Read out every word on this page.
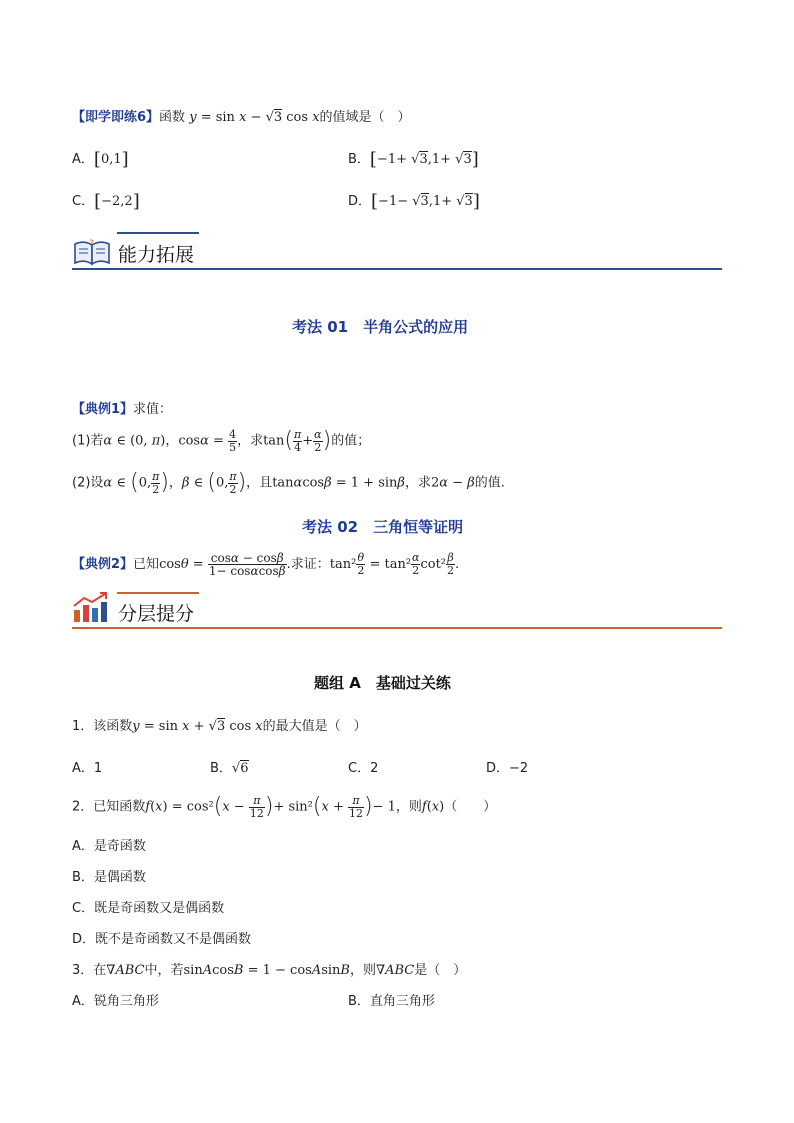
【即学即练6】函数 y = sin x − √3 cos x的值域是（　）
A．[0,1]	B．[−1+ √3,1+ √3]
C．[−2,2]	D．[−1− √3,1+ √3]
? 能力拓展
考法 01　半角公式的应用
【典例1】求值：
(1)若α ∈ (0, π)，$\cos\alpha = \frac{4}{5}$ ，求$\tan( \frac{\pi}{4} + \frac{\alpha}{2}$ )的值；
(2)设α ∈ (0, $\frac{\pi}{2}$ )，β ∈ (0, $\frac{\pi}{2}$ )，且tanαcosβ = 1 + sinβ，求2α − β的值.
考法 02　三角恒等证明
【典例2】已知$\cos\theta = \frac{\cos\alpha - \cos\beta}{1- \cos\alpha\cos\beta}$ .求证：$\tan^2 \frac{\theta}{2} = \tan^2 \frac{\alpha}{2} \cot^2 \frac{\beta}{2}$ .
分层提分
题组 A　基础过关练
1．该函数y = sin x + √3 cos x的最大值是（　）
A．1	B．√6	C．2	D．−2
2．已知函数$f(x) = \cos^2(x - \frac{\pi}{12}$ )+ $\sin^2(x + \frac{\pi}{12}$ )− 1，则f(x)（　　）
A．是奇函数
B．是偶函数
C．既是奇函数又是偶函数
D．既不是奇函数又不是偶函数
3．在∇ABC中，若sinAcosB = 1 − cosAsinB，则∇ABC是（　）
A．锐角三角形	B．直角三角形
